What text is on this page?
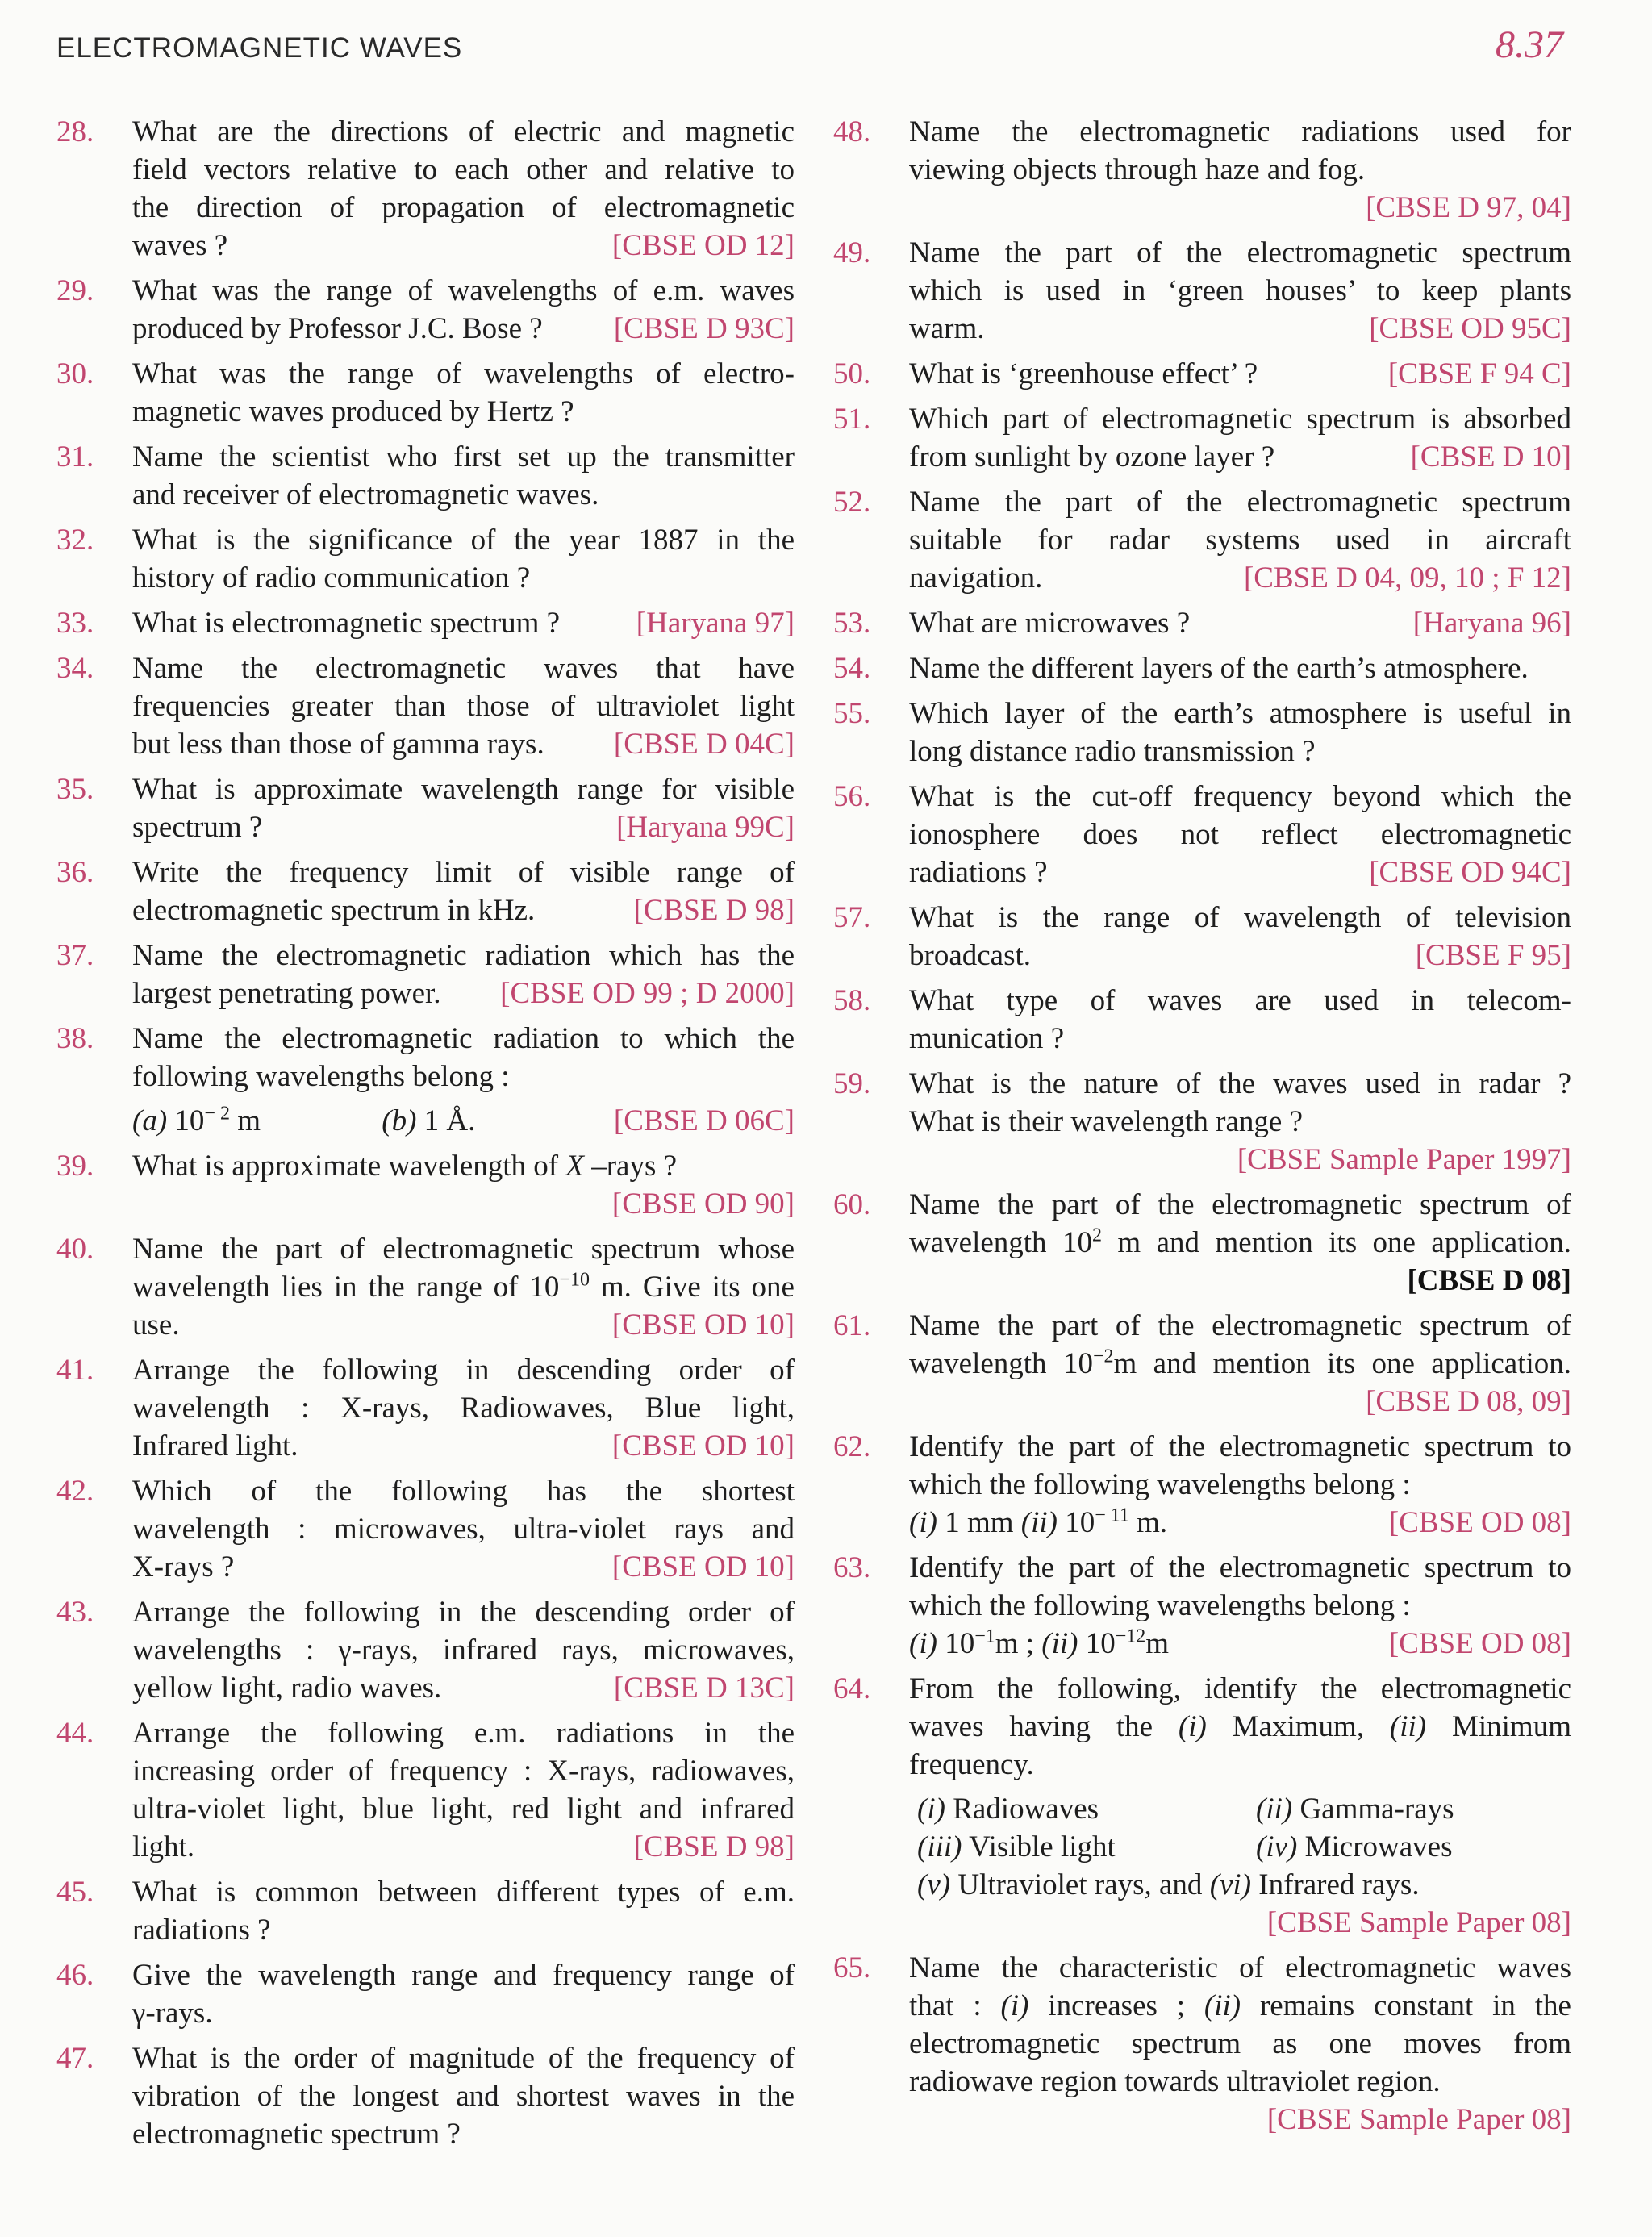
ELECTROMAGNETIC WAVES	8.37
28.	What are the directions of electric and magnetic
field vectors relative to each other and relative to
the direction of propagation of electromagnetic
waves ?	[CBSE OD 12]
29.	What was the range of wavelengths of e.m. waves
produced by Professor J.C. Bose ? [CBSE D 93C]
30.	What was the range of wavelengths of electro-
magnetic waves produced by Hertz ?
31.	Name the scientist who first set up the transmitter
and receiver of electromagnetic waves.
32.	What is the significance of the year 1887 in the
history of radio communication ?
33.	What is electromagnetic spectrum ?	[Haryana 97]
34.	Name the electromagnetic waves that have
frequencies greater than those of ultraviolet light
but less than those of gamma rays. [CBSE D 04C]
35.	What is approximate wavelength range for visible
spectrum ?	[Haryana 99C]
36.	Write the frequency limit of visible range of
electromagnetic spectrum in kHz.	[CBSE D 98]
37.	Name the electromagnetic radiation which has the
largest penetrating power. [CBSE OD 99 ; D 2000]
38.	Name the electromagnetic radiation to which the
following wavelengths belong :
(a) $10^{- 2}$ m	(b) 1 Å.	[CBSE D 06C]
39.	What is approximate wavelength of X –rays ?
[CBSE OD 90]
40.	Name the part of electromagnetic spectrum whose
wavelength lies in the range of $10^{-10}$ m. Give its one
use.	[CBSE OD 10]
41.	Arrange the following in descending order of
wavelength : X-rays, Radiowaves, Blue light,
Infrared light.	[CBSE OD 10]
42.	Which of the following has the shortest
wavelength : microwaves, ultra-violet rays and
X-rays ?	[CBSE OD 10]
43.	Arrange the following in the descending order of
wavelengths : γ-rays, infrared rays, microwaves,
yellow light, radio waves.	[CBSE D 13C]
44.	Arrange the following e.m. radiations in the
increasing order of frequency : X-rays, radiowaves,
ultra-violet light, blue light, red light and infrared
light.	[CBSE D 98]
45.	What is common between different types of e.m.
radiations ?
46.	Give the wavelength range and frequency range of
γ-rays.
47.	What is the order of magnitude of the frequency of
vibration of the longest and shortest waves in the
electromagnetic spectrum ?
48.	Name the electromagnetic radiations used for
viewing objects through haze and fog.
[CBSE D 97, 04]
49.	Name the part of the electromagnetic spectrum
which is used in ‘green houses’ to keep plants
warm.	[CBSE OD 95C]
50.	What is ‘greenhouse effect’ ?	[CBSE F 94 C]
51.	Which part of electromagnetic spectrum is absorbed
from sunlight by ozone layer ?	[CBSE D 10]
52.	Name the part of the electromagnetic spectrum
suitable for radar systems used in aircraft
navigation.	[CBSE D 04, 09, 10 ; F 12]
53.	What are microwaves ?	[Haryana 96]
54.	Name the different layers of the earth’s atmosphere.
55.	Which layer of the earth’s atmosphere is useful in
long distance radio transmission ?
56.	What is the cut-off frequency beyond which the
ionosphere does not reflect electromagnetic
radiations ?	[CBSE OD 94C]
57.	What is the range of wavelength of television
broadcast.	[CBSE F 95]
58.	What type of waves are used in telecom-
munication ?
59.	What is the nature of the waves used in radar ?
What is their wavelength range ?
[CBSE Sample Paper 1997]
60.	Name the part of the electromagnetic spectrum of
wavelength $10^2$ m and mention its one application.
[CBSE D 08]
61.	Name the part of the electromagnetic spectrum of
wavelength $10^{-2}m$ and mention its one application.
[CBSE D 08, 09]
62.	Identify the part of the electromagnetic spectrum to
which the following wavelengths belong :
(i) 1 mm (ii) $10^{- 11}$ m.	[CBSE OD 08]
63.	Identify the part of the electromagnetic spectrum to
which the following wavelengths belong :
(i) $10^{-1}m$ ; (ii) $10^{-12}m$	[CBSE OD 08]
64.	From the following, identify the electromagnetic
waves having the (i) Maximum, (ii) Minimum
frequency.
(i) Radiowaves	(ii) Gamma-rays
(iii) Visible light	(iv) Microwaves
(v) Ultraviolet rays, and (vi) Infrared rays.
[CBSE Sample Paper 08]
65.	Name the characteristic of electromagnetic waves
that : (i) increases ; (ii) remains constant in the
electromagnetic spectrum as one moves from
radiowave region towards ultraviolet region.
[CBSE Sample Paper 08]
